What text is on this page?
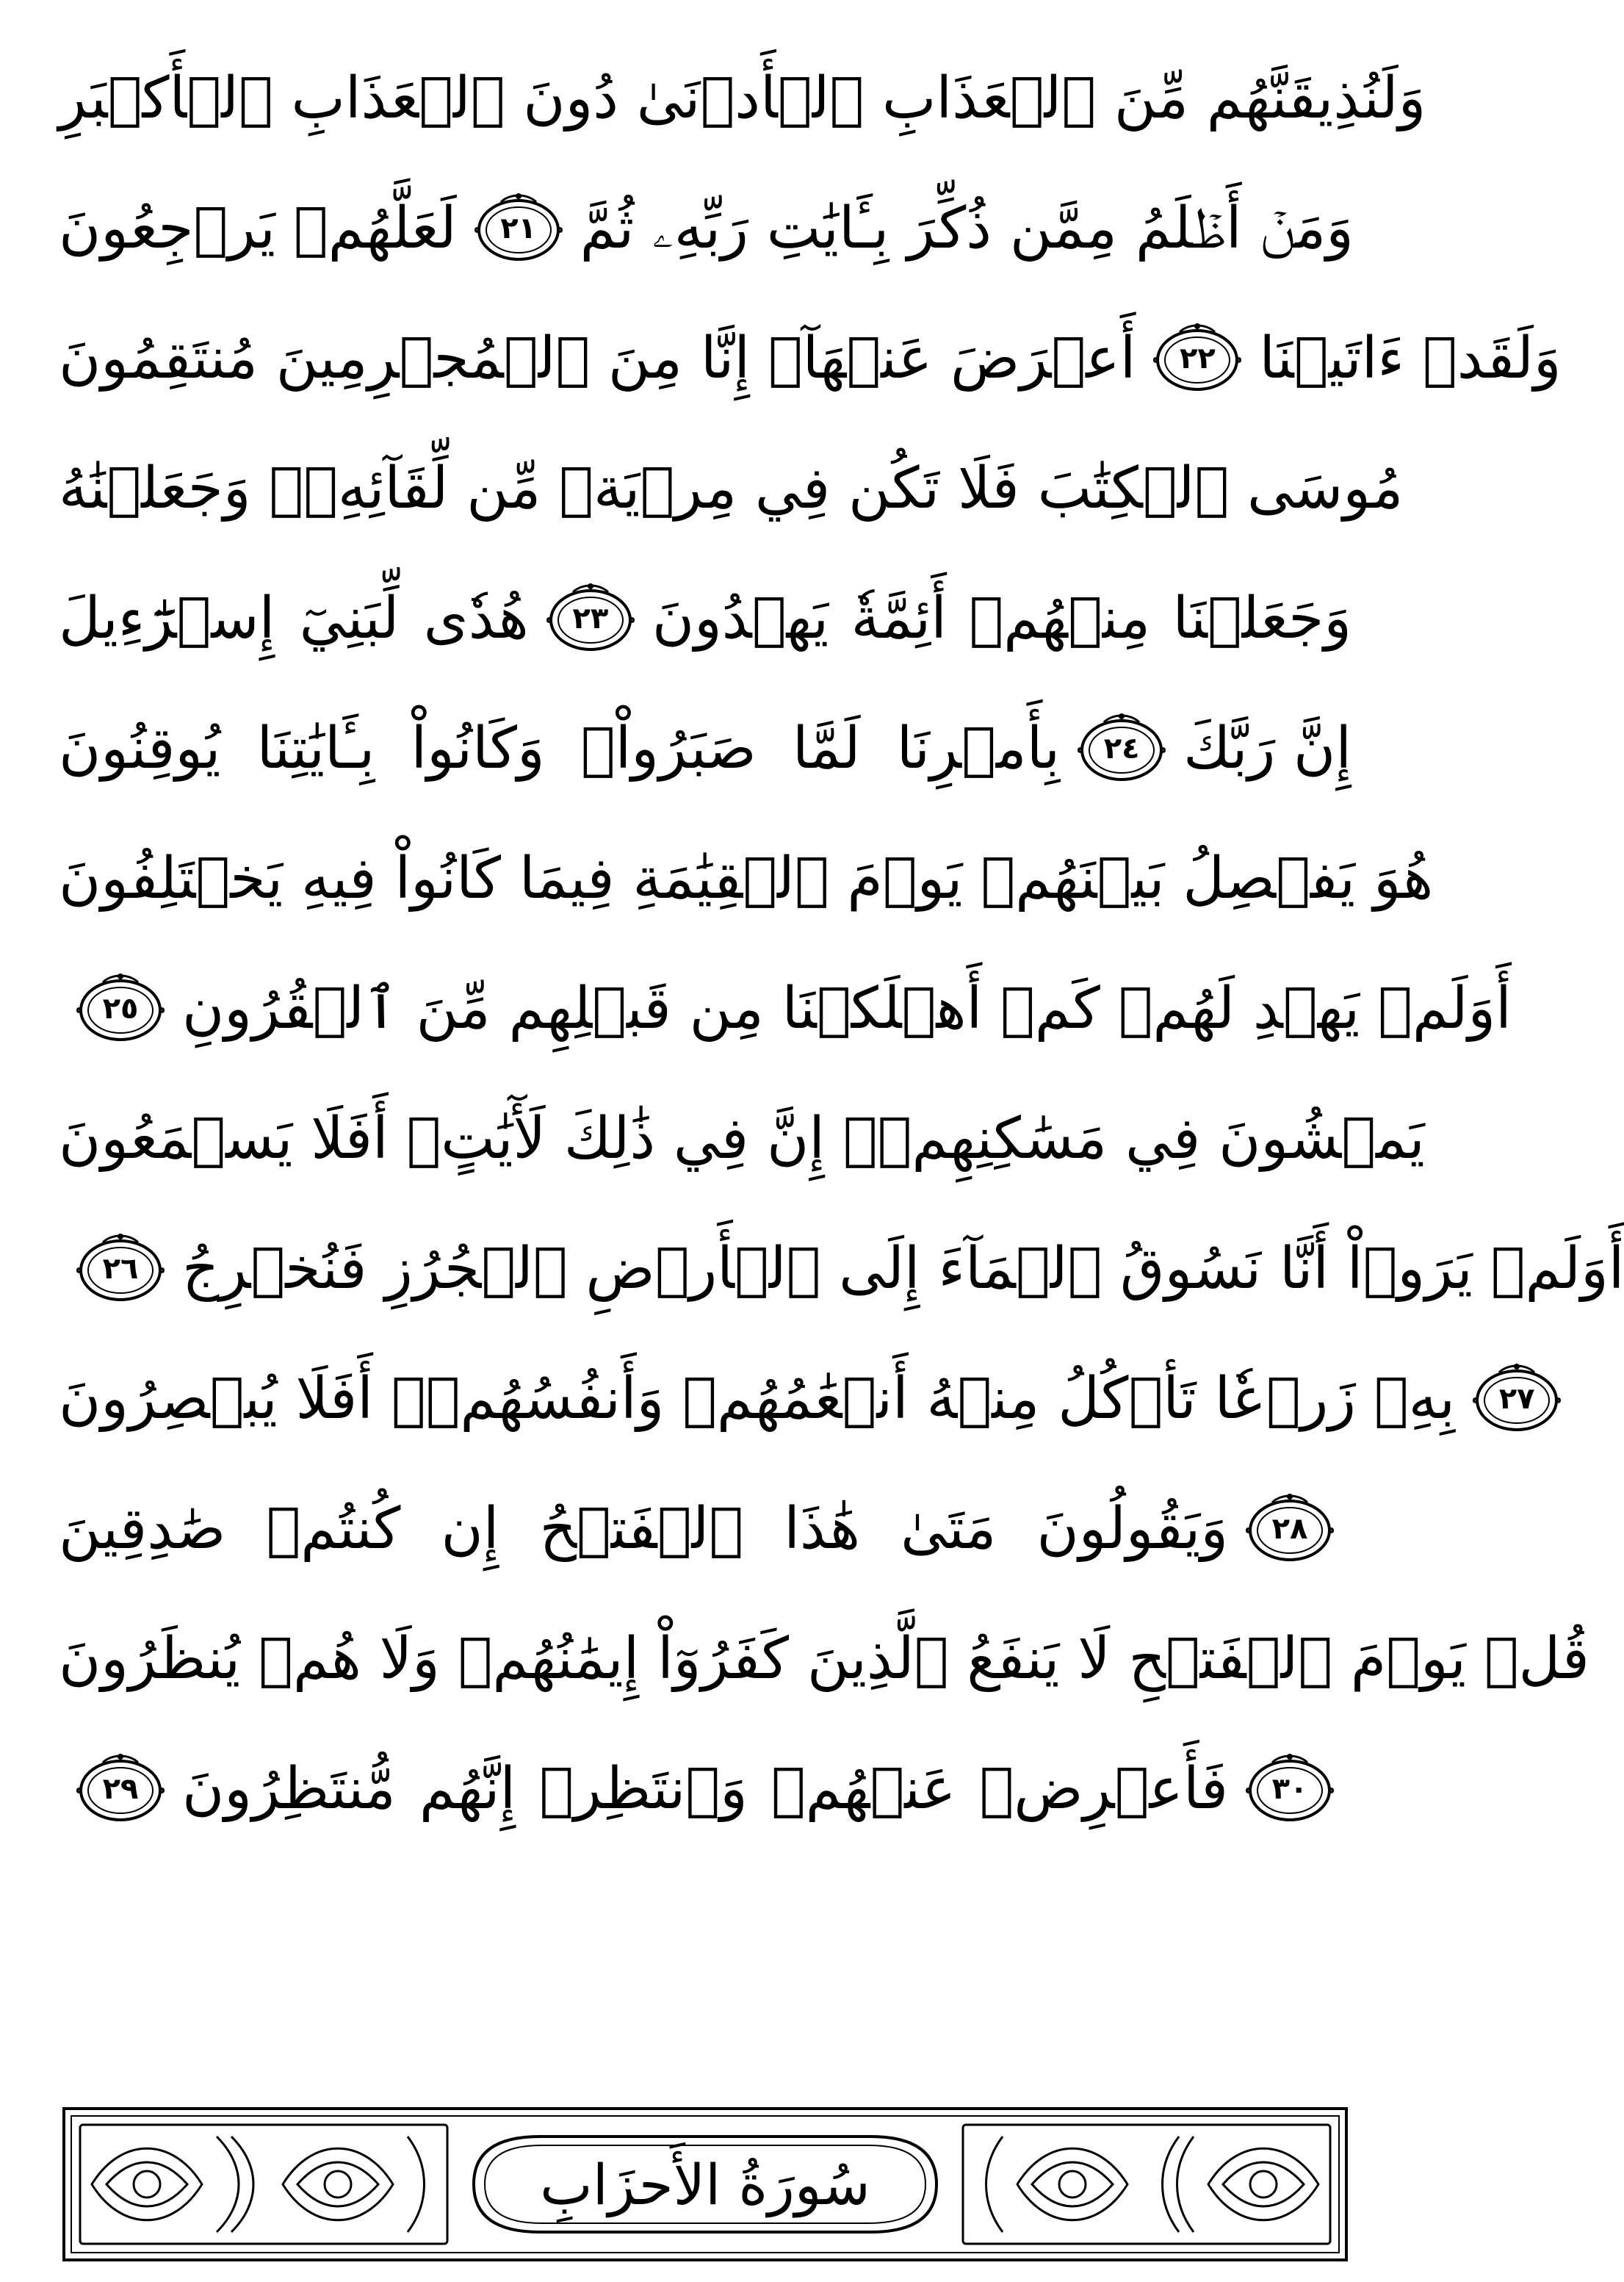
وَلَنُذِيقَنَّهُم مِّنَ ٱلۡعَذَابِ ٱلۡأَدۡنَىٰ دُونَ ٱلۡعَذَابِ ٱلۡأَكۡبَرِ
لَعَلَّهُمۡ يَرۡجِعُونَ ٢١ وَمَنۡ أَظۡلَمُ مِمَّن ذُكِّرَ بِـَٔايَٰتِ رَبِّهِۦ ثُمَّ
أَعۡرَضَ عَنۡهَآۚ إِنَّا مِنَ ٱلۡمُجۡرِمِينَ مُنتَقِمُونَ ٢٢ وَلَقَدۡ ءَاتَيۡنَا
مُوسَى ٱلۡكِتَٰبَ فَلَا تَكُن فِي مِرۡيَةٖ مِّن لِّقَآئِهِۦۖ وَجَعَلۡنَٰهُ
هُدٗى لِّبَنِيٓ إِسۡرَٰٓءِيلَ ٢٣ وَجَعَلۡنَا مِنۡهُمۡ أَئِمَّةٗ يَهۡدُونَ
بِأَمۡرِنَا لَمَّا صَبَرُواْۖ وَكَانُواْ بِـَٔايَٰتِنَا يُوقِنُونَ ٢٤ إِنَّ رَبَّكَ
هُوَ يَفۡصِلُ بَيۡنَهُمۡ يَوۡمَ ٱلۡقِيَٰمَةِ فِيمَا كَانُواْ فِيهِ يَخۡتَلِفُونَ
٢٥ أَوَلَمۡ يَهۡدِ لَهُمۡ كَمۡ أَهۡلَكۡنَا مِن قَبۡلِهِم مِّنَ ٱلۡقُرُونِ
يَمۡشُونَ فِي مَسَٰكِنِهِمۡۚ إِنَّ فِي ذَٰلِكَ لَأٓيَٰتٍۚ أَفَلَا يَسۡمَعُونَ
٢٦ أَوَلَمۡ يَرَوۡاْ أَنَّا نَسُوقُ ٱلۡمَآءَ إِلَى ٱلۡأَرۡضِ ٱلۡجُرُزِ فَنُخۡرِجُ
بِهِۦ زَرۡعٗا تَأۡكُلُ مِنۡهُ أَنۡعَٰمُهُمۡ وَأَنفُسُهُمۡۚ أَفَلَا يُبۡصِرُونَ ٢٧
وَيَقُولُونَ مَتَىٰ هَٰذَا ٱلۡفَتۡحُ إِن كُنتُمۡ صَٰدِقِينَ ٢٨
قُلۡ يَوۡمَ ٱلۡفَتۡحِ لَا يَنفَعُ ٱلَّذِينَ كَفَرُوٓاْ إِيمَٰنُهُمۡ وَلَا هُمۡ يُنظَرُونَ
٢٩ فَأَعۡرِضۡ عَنۡهُمۡ وَٱنتَظِرۡ إِنَّهُم مُّنتَظِرُونَ ٣٠
سُورَةُ الأَحزَابِ
